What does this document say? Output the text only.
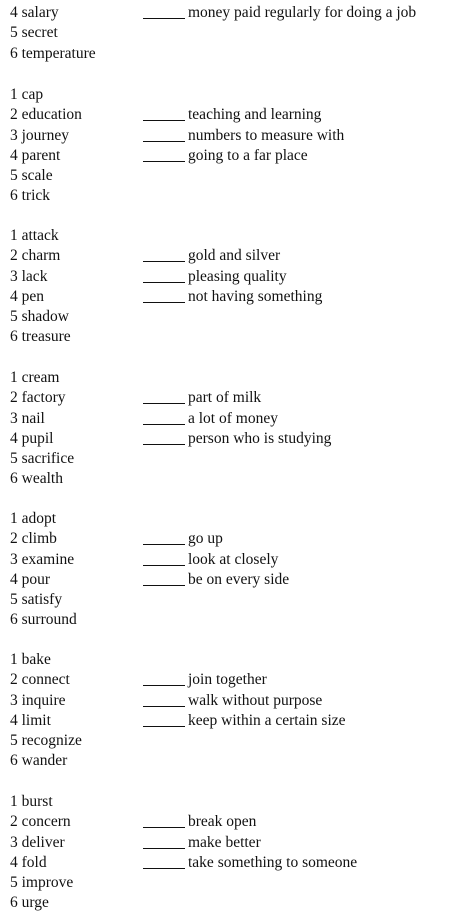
4 salary
5 secret
6 temperature
money paid regularly for doing a job
1 cap
2 education
3 journey
4 parent
5 scale
6 trick
teaching and learning
numbers to measure with
going to a far place
1 attack
2 charm
3 lack
4 pen
5 shadow
6 treasure
gold and silver
pleasing quality
not having something
1 cream
2 factory
3 nail
4 pupil
5 sacrifice
6 wealth
part of milk
a lot of money
person who is studying
1 adopt
2 climb
3 examine
4 pour
5 satisfy
6 surround
go up
look at closely
be on every side
1 bake
2 connect
3 inquire
4 limit
5 recognize
6 wander
join together
walk without purpose
keep within a certain size
1 burst
2 concern
3 deliver
4 fold
5 improve
6 urge
break open
make better
take something to someone
